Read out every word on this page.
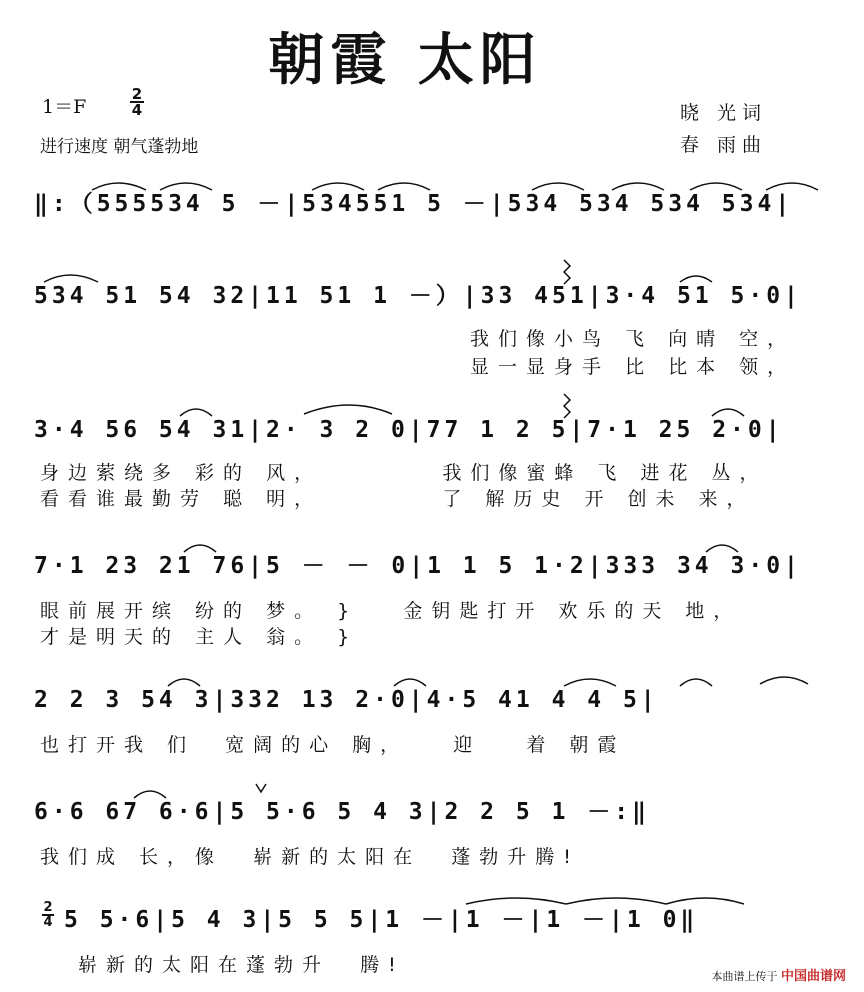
朝霞 太阳
1＝F
2
4
进行速度 朝气蓬勃地
晓 光词
春 雨曲
‖:（555534 5 －|534551 5 －|534 534 534 534|
534 51 54 32|11 51 1 －）|33 451|3·4 51 5·0|
我们像小鸟 飞 向晴 空，
显一显身手 比 比本 领，
3·4 56 54 31|2· 3 2 0|77 1 2 5|7·1 25 2·0|
身边萦绕多 彩的 风，        我们像蜜蜂 飞 进花 丛，
看看谁最勤劳 聪 明，        了 解历史 开 创未 来，
7·1 23 21 76|5 － － 0|1 1 5 1·2|333 34 3·0|
眼前展开缤 纷的 梦。 }   金钥匙打开 欢乐的天 地，
才是明天的 主人 翁。 }
2 2 3 54 3|332 13 2·0|4·5 41 4 4 5|
也打开我 们  宽阔的心 胸，   迎   着 朝霞
6·6 67 6·6|5 5·6 5 4 3|2 2 5 1 －:‖
我们成 长，像  崭新的太阳在  蓬勃升腾!
5 5·6|5 4 3|5 5 5|1 －|1 －|1 －|1 0‖
2
4
崭新的太阳在蓬勃升  腾!
本曲谱上传于 中国曲谱网
